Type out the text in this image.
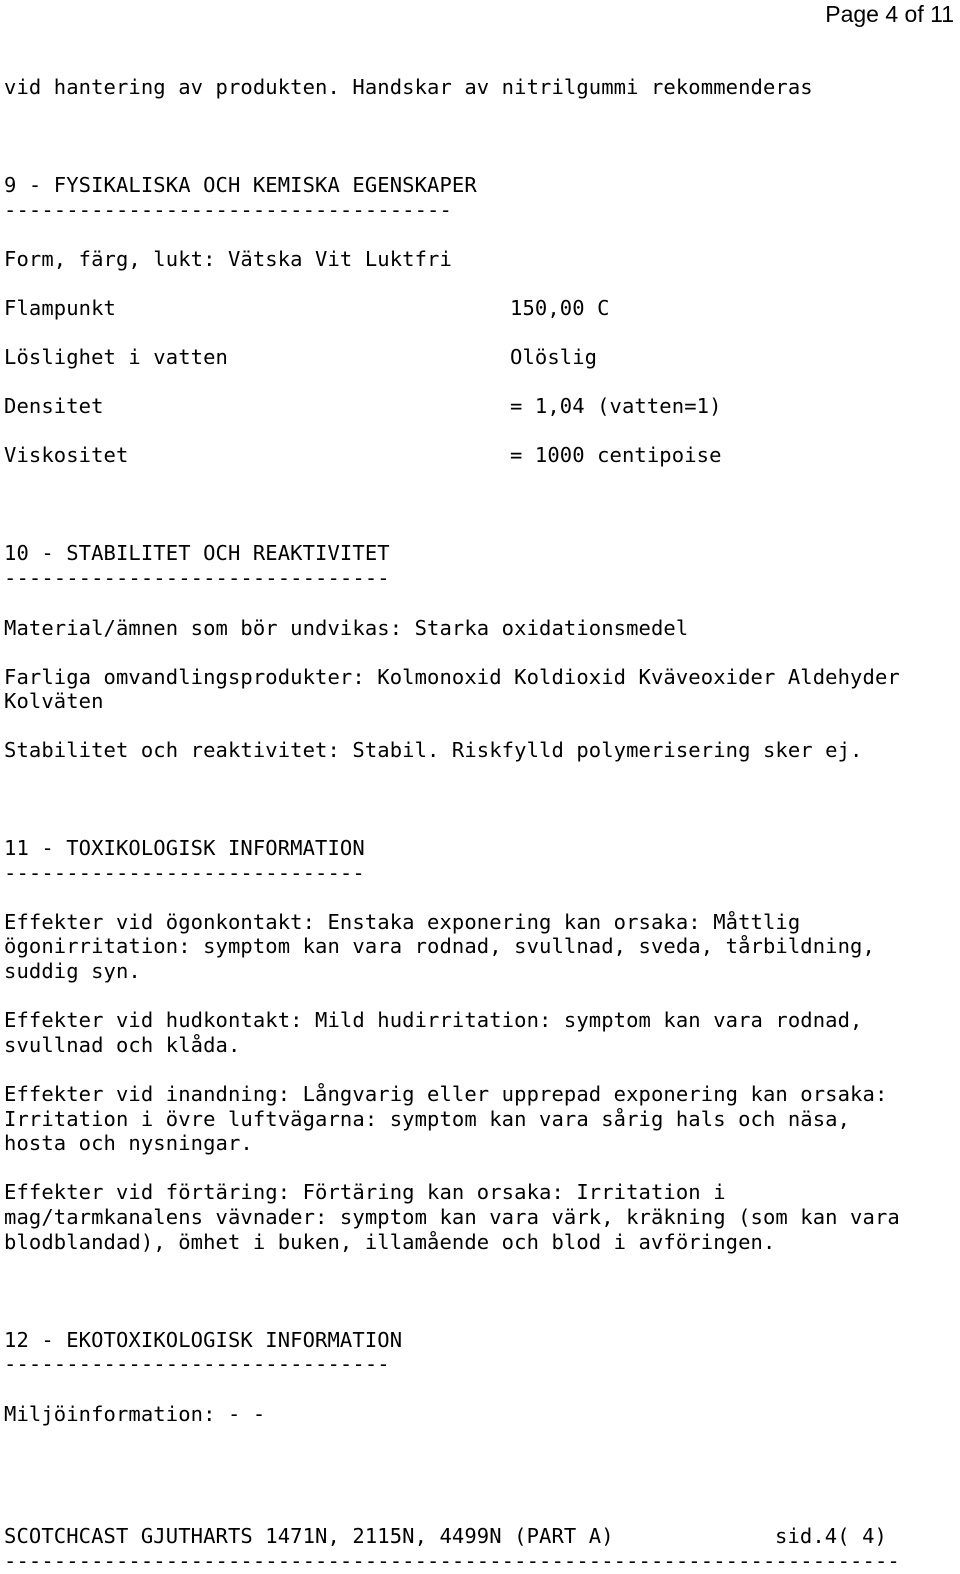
Page 4 of 11
vid hantering av produkten. Handskar av nitrilgummi rekommenderas
9 - FYSIKALISKA OCH KEMISKA EGENSKAPER
------------------------------------
Form, färg, lukt: Vätska Vit Luktfri
Flampunkt	150,00 C
Löslighet i vatten	Olöslig
Densitet	= 1,04 (vatten=1)
Viskositet	= 1000 centipoise
10 - STABILITET OCH REAKTIVITET
-------------------------------
Material/ämnen som bör undvikas: Starka oxidationsmedel
Farliga omvandlingsprodukter: Kolmonoxid Koldioxid Kväveoxider Aldehyder
Kolväten
Stabilitet och reaktivitet: Stabil. Riskfylld polymerisering sker ej.
11 - TOXIKOLOGISK INFORMATION
-----------------------------
Effekter vid ögonkontakt: Enstaka exponering kan orsaka: Måttlig
ögonirritation: symptom kan vara rodnad, svullnad, sveda, tårbildning,
suddig syn.
Effekter vid hudkontakt: Mild hudirritation: symptom kan vara rodnad,
svullnad och klåda.
Effekter vid inandning: Långvarig eller upprepad exponering kan orsaka:
Irritation i övre luftvägarna: symptom kan vara sårig hals och näsa,
hosta och nysningar.
Effekter vid förtäring: Förtäring kan orsaka: Irritation i
mag/tarmkanalens vävnader: symptom kan vara värk, kräkning (som kan vara
blodblandad), ömhet i buken, illamående och blod i avföringen.
12 - EKOTOXIKOLOGISK INFORMATION
-------------------------------
Miljöinformation: - -
SCOTCHCAST GJUTHARTS 1471N, 2115N, 4499N (PART A)	sid.4( 4)
------------------------------------------------------------------------
